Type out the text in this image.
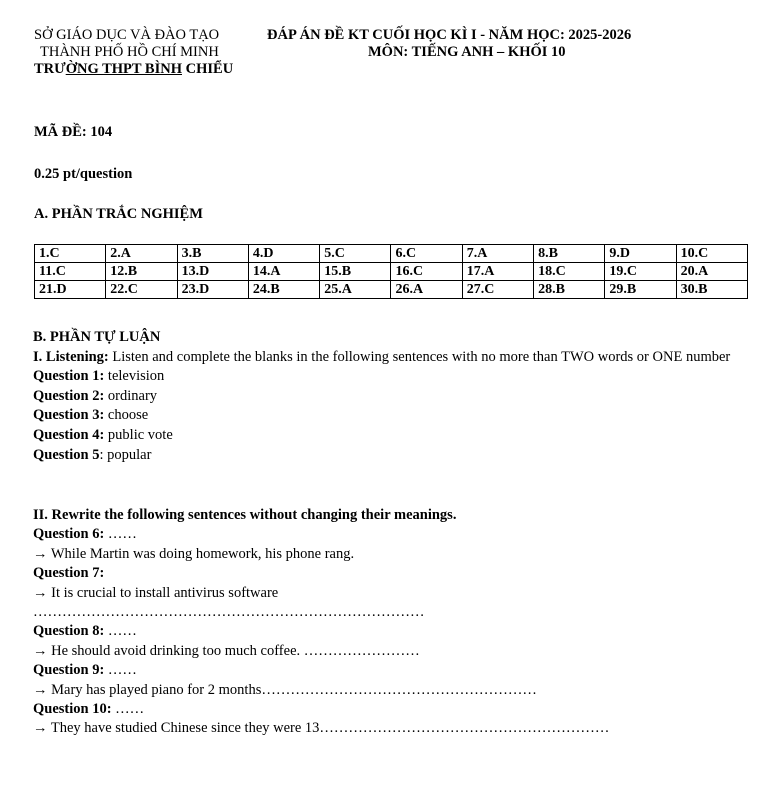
SỞ GIÁO DỤC VÀ ĐÀO TẠO
THÀNH PHỐ HỒ CHÍ MINH
TRƯỜNG THPT BÌNH CHIỂU
ĐÁP ÁN ĐỀ KT CUỐI HỌC KÌ I - NĂM HỌC: 2025-2026
MÔN: TIẾNG ANH – KHỐI 10
MÃ ĐỀ: 104
0.25 pt/question
A. PHẦN TRẮC NGHIỆM
1.C	2.A	3.B	4.D	5.C	6.C	7.A	8.B	9.D	10.C
11.C	12.B	13.D	14.A	15.B	16.C	17.A	18.C	19.C	20.A
21.D	22.C	23.D	24.B	25.A	26.A	27.C	28.B	29.B	30.B

B. PHẦN TỰ LUẬN

I. Listening: Listen and complete the blanks in the following sentences with no more than TWO words or ONE number

Question 1: television

Question 2: ordinary

Question 3: choose

Question 4: public vote

Question 5: popular

II. Rewrite the following sentences without changing their meanings.

Question 6: ……

→ While Martin was doing homework, his phone rang.

Question 7:

→ It is crucial to install antivirus software

………………………………………………………………………

Question 8: ……

→ He should avoid drinking too much coffee. ……………………

Question 9: ……

→ Mary has played piano for 2 months…………………………………………………

Question 10: ……

→ They have studied Chinese since they were 13……………………………………………………
